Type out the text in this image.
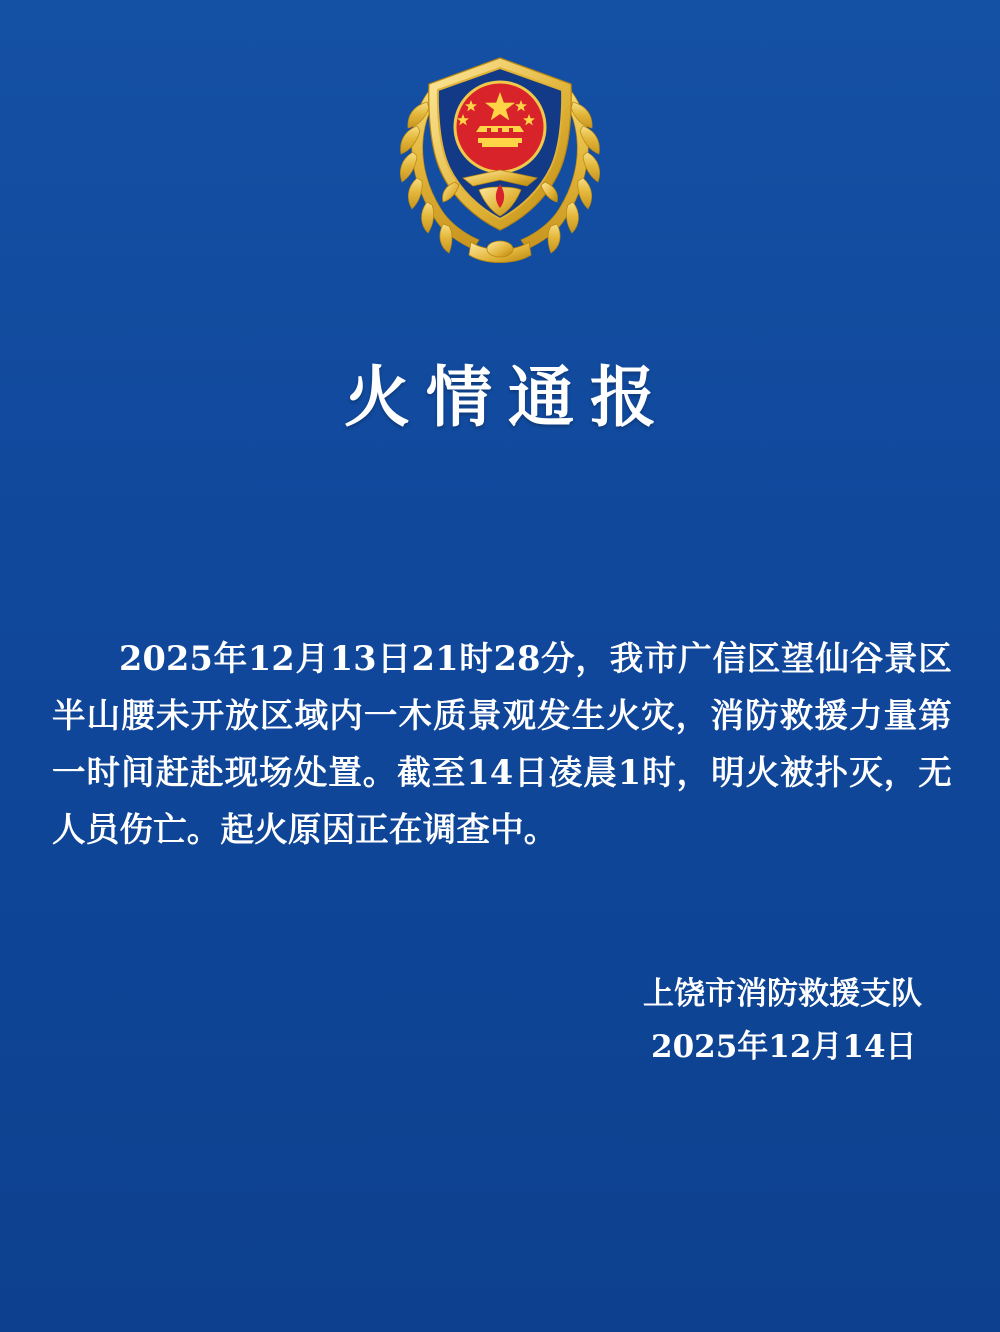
火情通报

2025年12月13日21时28分，我市广信区望仙谷景区半山腰未开放区域内一木质景观发生火灾，消防救援力量第一时间赶赴现场处置。截至14日凌晨1时，明火被扑灭，无人员伤亡。起火原因正在调查中。

上饶市消防救援支队
2025年12月14日
